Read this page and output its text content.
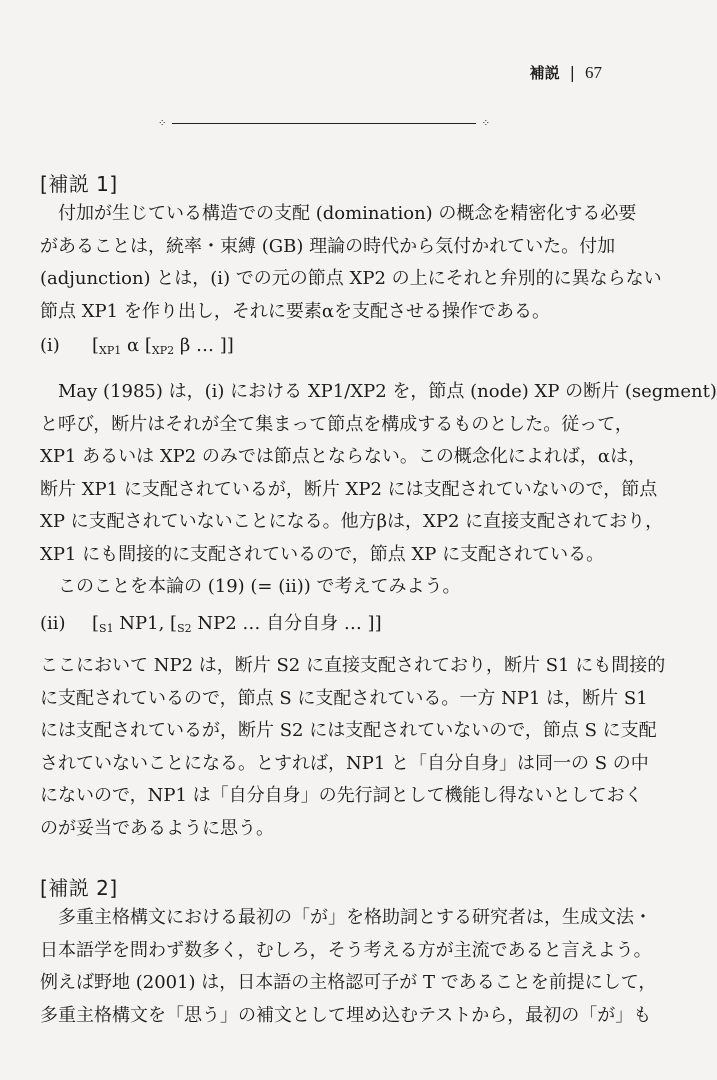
補説 | 67
⁘	⁘
[補説 1]
付加が生じている構造での支配 (domination) の概念を精密化する必要
があることは，統率・束縛 (GB) 理論の時代から気付かれていた。付加
(adjunction) とは，(i) での元の節点 XP2 の上にそれと弁別的に異ならない
節点 XP1 を作り出し，それに要素αを支配させる操作である。
(i) [$_{XP1}$ α [$_{XP2}$ β … ]]
May (1985) は，(i) における XP1/XP2 を，節点 (node) XP の断片 (segment)
と呼び，断片はそれが全て集まって節点を構成するものとした。従って，
XP1 あるいは XP2 のみでは節点とならない。この概念化によれば，αは，
断片 XP1 に支配されているが，断片 XP2 には支配されていないので，節点
XP に支配されていないことになる。他方βは，XP2 に直接支配されており，
XP1 にも間接的に支配されているので，節点 XP に支配されている。
このことを本論の (19) (= (ii)) で考えてみよう。
(ii) [$_{S1}$ NP1, [$_{S2}$ NP2 … 自分自身 … ]]
ここにおいて NP2 は，断片 S2 に直接支配されており，断片 S1 にも間接的
に支配されているので，節点 S に支配されている。一方 NP1 は，断片 S1
には支配されているが，断片 S2 には支配されていないので，節点 S に支配
されていないことになる。とすれば，NP1 と「自分自身」は同一の S の中
にないので，NP1 は「自分自身」の先行詞として機能し得ないとしておく
のが妥当であるように思う。
[補説 2]
多重主格構文における最初の「が」を格助詞とする研究者は，生成文法・
日本語学を問わず数多く，むしろ，そう考える方が主流であると言えよう。
例えば野地 (2001) は，日本語の主格認可子が T であることを前提にして，
多重主格構文を「思う」の補文として埋め込むテストから，最初の「が」も
